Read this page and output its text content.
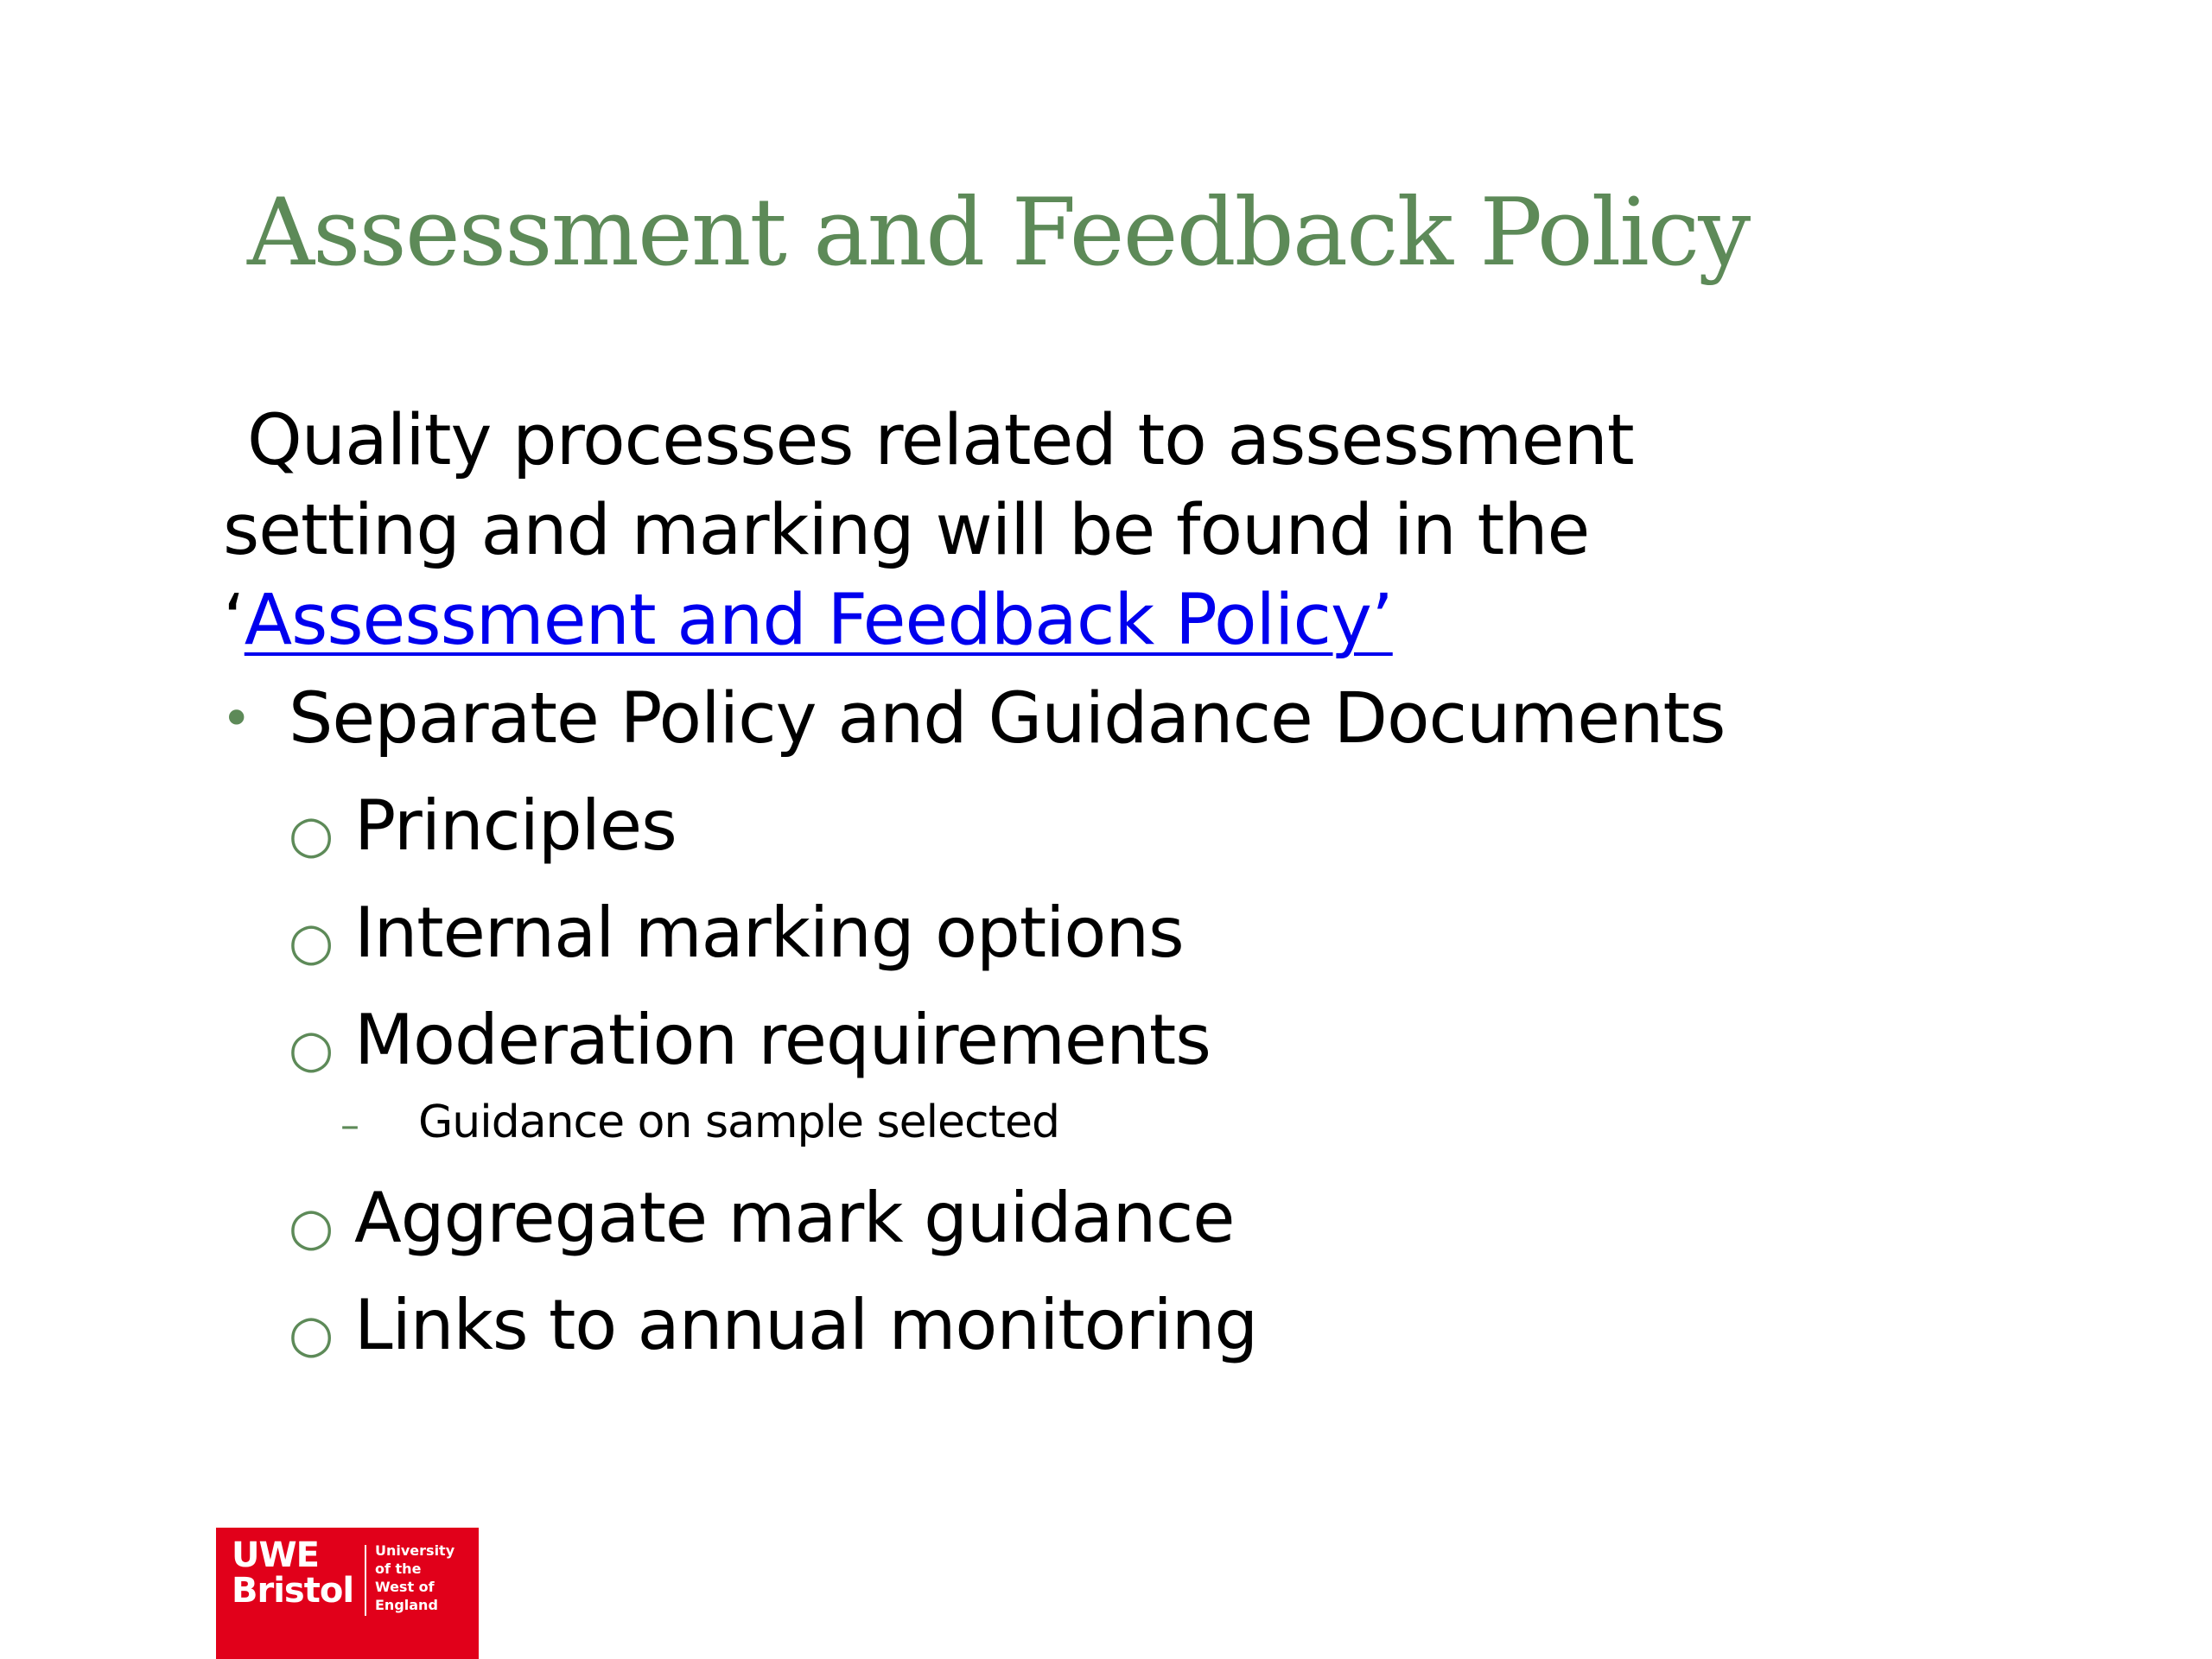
Assessment and Feedback Policy

Quality processes related to assessment
setting and marking will be found in the
‘Assessment and Feedback Policy’

• Separate Policy and Guidance Documents
○ Principles
○ Internal marking options
○ Moderation requirements
– Guidance on sample selected
○ Aggregate mark guidance
○ Links to annual monitoring
UWE
Bristol
University
of the
West of
England
